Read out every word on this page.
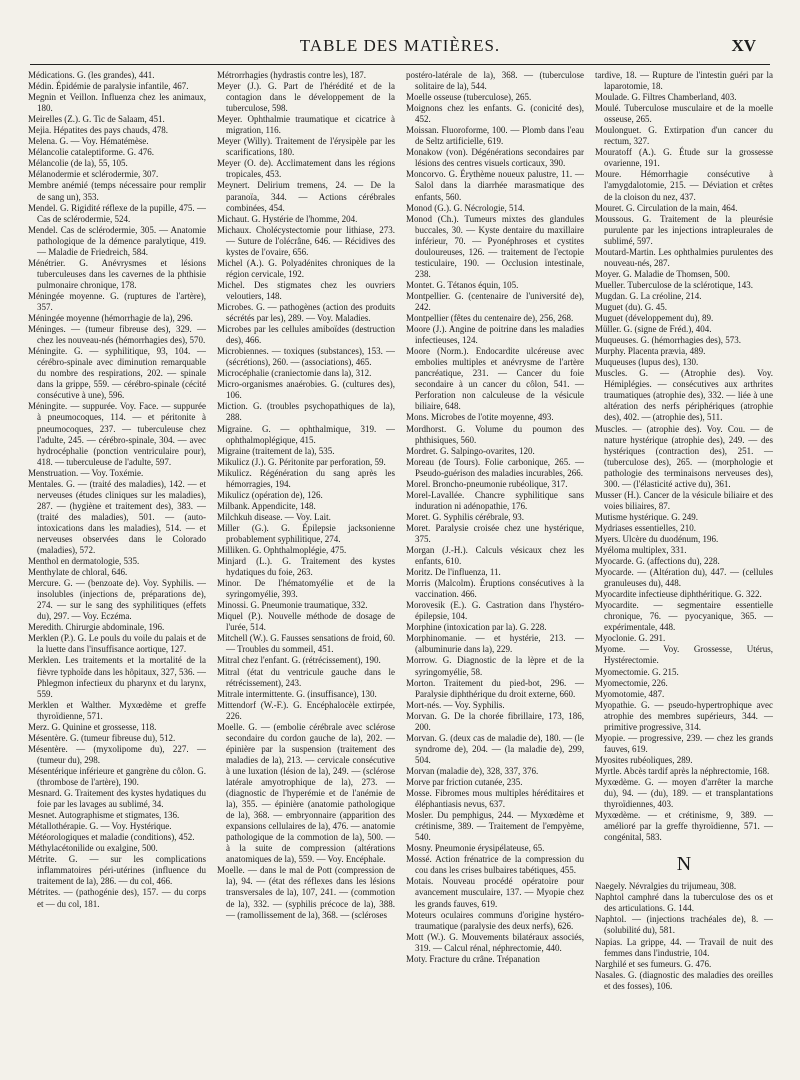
TABLE DES MATIÈRES.	XV

Médications. G. (les grandes), 441.

Médin. Épidémie de paralysie infantile, 467.

Megnin et Veillon. Influenza chez les animaux, 180.

Meirelles (Z.). G. Tic de Salaam, 451.

Mejia. Hépatites des pays chauds, 478.

Melena. G. — Voy. Hématémèse.

Mélancolie cataleptiforme. G. 476.

Mélancolie (de la), 55, 105.

Mélanodermie et sclérodermie, 307.

Membre anémié (temps nécessaire pour remplir de sang un), 353.

Mendel. G. Rigidité réflexe de la pupille, 475. — Cas de sclérodermie, 524.

Mendel. Cas de sclérodermie, 305. — Anatomie pathologique de la démence paralytique, 419. — Maladie de Friedreich, 584.

Ménétrier. G. Anévrysmes et lésions tuberculeuses dans les cavernes de la phthisie pulmonaire chronique, 178.

Méningée moyenne. G. (ruptures de l'artère), 357.

Méningée moyenne (hémorrhagie de la), 296.

Méninges. — (tumeur fibreuse des), 329. — chez les nouveau-nés (hémorrhagies des), 570.

Méningite. G. — syphilitique, 93, 104. — cérébro-spinale avec diminution remarquable du nombre des respirations, 202. — spinale dans la grippe, 559. — cérébro-spinale (cécité consécutive à une), 596.

Méningite. — suppurée. Voy. Face. — suppurée à pneumocoques, 114. — et péritonite à pneumocoques, 237. — tuberculeuse chez l'adulte, 245. — cérébro-spinale, 304. — avec hydrocéphalie (ponction ventriculaire pour), 418. — tuberculeuse de l'adulte, 597.

Menstruation. — Voy. Toxémie.

Mentales. G. — (traité des maladies), 142. — et nerveuses (études cliniques sur les maladies), 287. — (hygiène et traitement des), 383. — (traité des maladies), 501. — (auto-intoxications dans les maladies), 514. — et nerveuses observées dans le Colorado (maladies), 572.

Menthol en dermatologie, 535.

Menthylate de chloral, 646.

Mercure. G. — (benzoate de). Voy. Syphilis. — insolubles (injections de, préparations de), 274. — sur le sang des syphilitiques (effets du), 297. — Voy. Eczéma.

Meredith. Chirurgie abdominale, 196.

Merklen (P.). G. Le pouls du voile du palais et de la luette dans l'insuffisance aortique, 127.

Merklen. Les traitements et la mortalité de la fièvre typhoïde dans les hôpitaux, 327, 536. — Phlegmon infectieux du pharynx et du larynx, 559.

Merklen et Walther. Myxœdème et greffe thyroïdienne, 571.

Merz. G. Quinine et grossesse, 118.

Mésentère. G. (tumeur fibreuse du), 512.

Mésentère. — (myxolipome du), 227. — (tumeur du), 298.

Mésentérique inférieure et gangrène du côlon. G. (thrombose de l'artère), 190.

Mesnard. G. Traitement des kystes hydatiques du foie par les lavages au sublimé, 34.

Mesnet. Autographisme et stigmates, 136.

Métallothérapie. G. — Voy. Hystérique.

Météorologiques et maladie (conditions), 452.

Méthylacétonilide ou exalgine, 500.

Métrite. G. — sur les complications inflammatoires péri-utérines (influence du traitement de la), 286. — du col, 466.

Métrites. — (pathogénie des), 157. — du corps et — du col, 181.

Métrorrhagies (hydrastis contre les), 187.

Meyer (J.). G. Part de l'hérédité et de la contagion dans le développement de la tuberculose, 598.

Meyer. Ophthalmie traumatique et cicatrice à migration, 116.

Meyer (Willy). Traitement de l'érysipèle par les scarifications, 180.

Meyer (O. de). Acclimatement dans les régions tropicales, 453.

Meynert. Delirium tremens, 24. — De la paranoïa, 344. — Actions cérébrales combinées, 454.

Michaut. G. Hystérie de l'homme, 204.

Michaux. Cholécystectomie pour lithiase, 273. — Suture de l'olécrâne, 646. — Récidives des kystes de l'ovaire, 656.

Michel (A.). G. Polyadénites chroniques de la région cervicale, 192.

Michel. Des stigmates chez les ouvriers veloutiers, 148.

Microbes. G. — pathogènes (action des produits sécrétés par les), 289. — Voy. Maladies.

Microbes par les cellules amiboïdes (destruction des), 466.

Microbiennes. — toxiques (substances), 153. — (sécrétions), 260. — (associations), 465.

Microcéphalie (craniectomie dans la), 312.

Micro-organismes anaérobies. G. (cultures des), 106.

Miction. G. (troubles psychopathiques de la), 288.

Migraine. G. — ophthalmique, 319. — ophthalmoplégique, 415.

Migraine (traitement de la), 535.

Mikulicz (J.). G. Péritonite par perforation, 59.

Mikulicz. Régénération du sang après les hémorragies, 194.

Mikulicz (opération de), 126.

Milbank. Appendicite, 148.

Milchkuh disease. — Voy. Lait.

Miller (G.). G. Épilepsie jacksonienne probablement syphilitique, 274.

Milliken. G. Ophthalmoplégie, 475.

Minjard (L.). G. Traitement des kystes hydatiques du foie, 263.

Minor. De l'hématomyélie et de la syringomyélie, 393.

Minossi. G. Pneumonie traumatique, 332.

Miquel (P.). Nouvelle méthode de dosage de l'urée, 514.

Mitchell (W.). G. Fausses sensations de froid, 60. — Troubles du sommeil, 451.

Mitral chez l'enfant. G. (rétrécissement), 190.

Mitral (état du ventricule gauche dans le rétrécissement), 243.

Mitrale intermittente. G. (insuffisance), 130.

Mittendorf (W.-F.). G. Encéphalocèle extirpée, 226.

Moelle. G. — (embolie cérébrale avec sclérose secondaire du cordon gauche de la), 202. — épinière par la suspension (traitement des maladies de la), 213. — cervicale consécutive à une luxation (lésion de la), 249. — (sclérose latérale amyotrophique de la), 273. — (diagnostic de l'hyperémie et de l'anémie de la), 355. — épinière (anatomie pathologique de la), 368. — embryonnaire (apparition des expansions cellulaires de la), 476. — anatomie pathologique de la commotion de la), 500. — à la suite de compression (altérations anatomiques de la), 559. — Voy. Encéphale.

Moelle. — dans le mal de Pott (compression de la), 94. — (état des réflexes dans les lésions transversales de la), 107, 241. — (commotion de la), 332. — (syphilis précoce de la), 388. — (ramollissement de la), 368. — (scléroses

postéro-latérale de la), 368. — (tuberculose solitaire de la), 544.

Moelle osseuse (tuberculose), 265.

Moignons chez les enfants. G. (conicité des), 452.

Moissan. Fluoroforme, 100. — Plomb dans l'eau de Seltz artificielle, 619.

Monakow (von). Dégénérations secondaires par lésions des centres visuels corticaux, 390.

Moncorvo. G. Érythème noueux palustre, 11. — Salol dans la diarrhée marasmatique des enfants, 560.

Monod (G.). G. Nécrologie, 514.

Monod (Ch.). Tumeurs mixtes des glandules buccales, 30. — Kyste dentaire du maxillaire inférieur, 70. — Pyonéphroses et cystites douloureuses, 126. — traitement de l'ectopie testiculaire, 190. — Occlusion intestinale, 238.

Montet. G. Tétanos équin, 105.

Montpellier. G. (centenaire de l'université de), 242.

Montpellier (fêtes du centenaire de), 256, 268.

Moore (J.). Angine de poitrine dans les maladies infectieuses, 124.

Moore (Norm.). Endocardite ulcéreuse avec embolies multiples et anévrysme de l'artère pancréatique, 231. — Cancer du foie secondaire à un cancer du côlon, 541. — Perforation non calculeuse de la vésicule biliaire, 648.

Mons. Microbes de l'otite moyenne, 493.

Mordhorst. G. Volume du poumon des phthisiques, 560.

Mordret. G. Salpingo-ovarites, 120.

Moreau (de Tours). Folie carbonique, 265. — Pseudo-guérison des maladies incurables, 266.

Morel. Broncho-pneumonie rubéolique, 317.

Morel-Lavallée. Chancre syphilitique sans induration ni adénopathie, 176.

Moret. G. Syphilis cérébrale, 93.

Moret. Paralysie croisée chez une hystérique, 375.

Morgan (J.-H.). Calculs vésicaux chez les enfants, 610.

Moritz. De l'influenza, 11.

Morris (Malcolm). Éruptions consécutives à la vaccination. 466.

Morovesik (E.). G. Castration dans l'hystéro-épilepsie, 104.

Morphine (intoxication par la). G. 228.

Morphinomanie. — et hystérie, 213. — (albuminurie dans la), 229.

Morrow. G. Diagnostic de la lèpre et de la syringomyélie, 58.

Morton. Traitement du pied-bot, 296. — Paralysie diphthérique du droit externe, 660.

Mort-nés. — Voy. Syphilis.

Morvan. G. De la chorée fibrillaire, 173, 186, 200.

Morvan. G. (deux cas de maladie de), 180. — (le syndrome de), 204. — (la maladie de), 299, 504.

Morvan (maladie de), 328, 337, 376.

Morve par friction cutanée, 235.

Mosse. Fibromes mous multiples héréditaires et éléphantiasis nevus, 637.

Mosler. Du pemphigus, 244. — Myxœdème et crétinisme, 389. — Traitement de l'empyème, 540.

Mosny. Pneumonie érysipélateuse, 65.

Mossé. Action frénatrice de la compression du cou dans les crises bulbaires tabétiques, 455.

Motais. Nouveau procédé opératoire pour avancement musculaire, 137. — Myopie chez les grands fauves, 619.

Moteurs oculaires communs d'origine hystéro-traumatique (paralysie des deux nerfs), 626.

Mott (W.). G. Mouvements bilatéraux associés, 319. — Calcul rénal, néphrectomie, 440.

Moty. Fracture du crâne. Trépanation

tardive, 18. — Rupture de l'intestin guéri par la laparotomie, 18.

Moulade. G. Filtres Chamberland, 403.

Moulé. Tuberculose musculaire et de la moelle osseuse, 265.

Moulonguet. G. Extirpation d'un cancer du rectum, 327.

Mouratoff (A.). G. Étude sur la grossesse ovarienne, 191.

Moure. Hémorrhagie consécutive à l'amygdalotomie, 215. — Déviation et crêtes de la cloison du nez, 437.

Mouret. G. Circulation de la main, 464.

Moussous. G. Traitement de la pleurésie purulente par les injections intrapleurales de sublimé, 597.

Moutard-Martin. Les ophthalmies purulentes des nouveau-nés, 287.

Moyer. G. Maladie de Thomsen, 500.

Mueller. Tuberculose de la sclérotique, 143.

Mugdan. G. La créoline, 214.

Muguet (du). G. 45.

Muguet (développement du), 89.

Müller. G. (signe de Fréd.), 404.

Muqueuses. G. (hémorrhagies des), 573.

Murphy. Placenta prævia, 489.

Muqueuses (lupus des), 130.

Muscles. G. — (Atrophie des). Voy. Hémiplégies. — consécutives aux arthrites traumatiques (atrophie des), 332. — liée à une altération des nerfs périphériques (atrophie des), 402. — (atrophie des), 511.

Muscles. — (atrophie des). Voy. Cou. — de nature hystérique (atrophie des), 249. — des hystériques (contraction des), 251. — (tuberculose des), 265. — (morphologie et pathologie des terminaisons nerveuses des), 300. — (l'élasticité active du), 361.

Musser (H.). Cancer de la vésicule biliaire et des voies biliaires, 87.

Mutisme hystérique. G. 249.

Mydriases essentielles, 210.

Myers. Ulcère du duodénum, 196.

Myéloma multiplex, 331.

Myocarde. G. (affections du), 228.

Myocarde. — (Altération du), 447. — (cellules granuleuses du), 448.

Myocardite infectieuse diphthéritique. G. 322.

Myocardite. — segmentaire essentielle chronique, 76. — pyocyanique, 365. — expérimentale, 448.

Myoclonie. G. 291.

Myome. — Voy. Grossesse, Utérus, Hystérectomie.

Myomectomie. G. 215.

Myomectomie, 226.

Myomotomie, 487.

Myopathie. G. — pseudo-hypertrophique avec atrophie des membres supérieurs, 344. — primitive progressive, 314.

Myopie. — progressive, 239. — chez les grands fauves, 619.

Myosites rubéoliques, 289.

Myrtle. Abcès tardif après la néphrectomie, 168.

Myxœdème. G. — moyen d'arrêter la marche du), 94. — (du), 189. — et transplantations thyroïdiennes, 403.

Myxœdème. — et crétinisme, 9, 389. — amélioré par la greffe thyroïdienne, 571. — congénital, 583.

N

Naegely. Névralgies du trijumeau, 308.

Naphtol camphré dans la tuberculose des os et des articulations. G. 144.

Naphtol. — (injections trachéales de), 8. — (solubilité du), 581.

Napias. La grippe, 44. — Travail de nuit des femmes dans l'industrie, 104.

Narghilé et ses fumeurs. G. 476.

Nasales. G. (diagnostic des maladies des oreilles et des fosses), 106.
